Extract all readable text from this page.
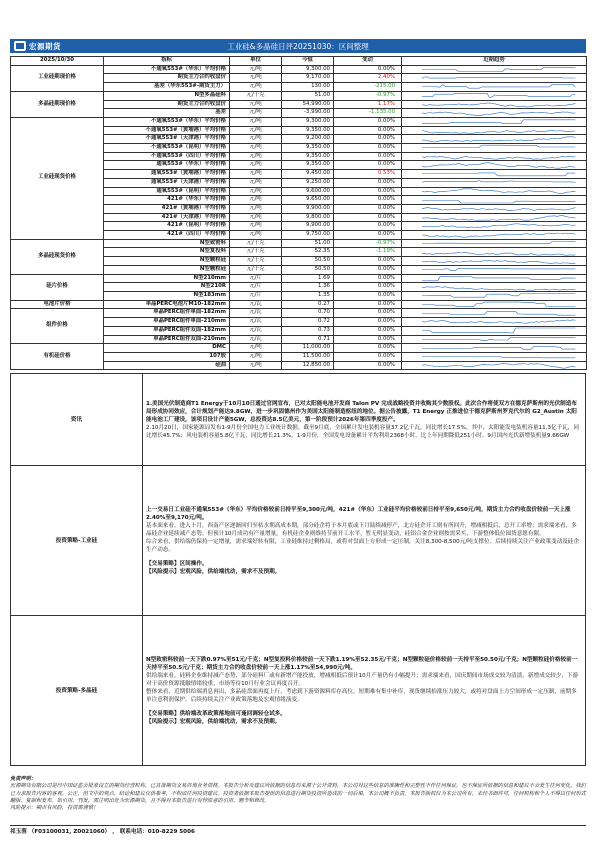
工业硅&多晶硅日评20251030：区间整理
宏源期货
2025/10/30	指标	单位	今值	变动	近期趋势
工业硅期现价格	不通氧553#（华东）平均价格	元/吨	9,300.00	0.00%	

	期货主力合约收盘价	元/吨	9,170.00	2.40%	

	基差（华东553#-期货主力）	元/吨	130.00	-215.00	

多晶硅期现价格	N型多晶硅料	元/千克	51.00	-0.97%	

	期货主力合约收盘价	元/吨	54,990.00	1.17%	

	基差	元/吨	-3,990.00	-1,135.00	

工业硅现货价格	不通氧553#（华东）平均价格	元/吨	9,300.00	0.00%	

	不通氧553#（黄埔港）平均价格	元/吨	9,350.00	0.00%	

	不通氧553#（天津港）平均价格	元/吨	9,200.00	0.00%	

	不通氧553#（昆明）平均价格	元/吨	9,350.00	0.00%	

	不通氧553#（四川）平均价格	元/吨	9,350.00	0.00%	

	通氧553#（华东）平均价格	元/吨	9,350.00	0.00%	

	通氧553#（黄埔港）平均价格	元/吨	9,450.00	0.53%	

	通氧553#（天津港）平均价格	元/吨	9,250.00	0.00%	

	通氧553#（昆明）平均价格	元/吨	9,600.00	0.00%	

	421#（华东）平均价格	元/吨	9,650.00	0.00%	

	421#（黄埔港）平均价格	元/吨	9,900.00	0.00%	

	421#（天津港）平均价格	元/吨	9,800.00	0.00%	

	421#（昆明）平均价格	元/吨	9,900.00	0.00%	

	421#（四川）平均价格	元/吨	9,750.00	0.00%	

多晶硅现货价格	N型致密料	元/千克	51.00	-0.97%	

	N型复投料	元/千克	52.35	-1.19%	

	N型颗粒硅	元/千克	50.50	0.00%	

	N型颗粒硅	元/千克	50.50	0.00%	

硅片价格	N型210mm	元/片	1.69	0.00%	

	N型210R	元/片	1.36	0.00%	

	N型183mm	元/片	1.35	0.00%	

电池片价格	单晶PERC电池片M10-182mm	元/瓦	0.27	0.00%	

组件价格	单晶PERC组件单面-182mm	元/瓦	0.70	0.00%	

	单晶PERC组件单面-210mm	元/瓦	0.72	0.00%	

	单晶PERC组件双面-182mm	元/瓦	0.73	0.00%	

	单晶PERC组件双面-210mm	元/瓦	0.71	0.00%	

有机硅价格	DMC	元/吨	11,000.00	0.00%	

	107胶	元/吨	11,500.00	0.00%	

	硅油	元/吨	12,850.00	0.00%	
资讯	1.美国光伏制造商T1 Energy于10月10日通过官网宣布，已对太阳能电池开发商 Talon PV 完成战略投资并收购其少数股权。此次合作将使双方在德克萨斯州的光伏制造布局形成协同效应，合计规划产能达9.8GW，进一步巩固德州作为美国太阳能制造枢纽的地位。据公告披露，T1 Energy 正推进位于德克萨斯州罗克代尔的 G2_Austin 太阳能电池工厂建设，该项目设计产能5GW，总投资达8.5亿美元，第一阶段预计2026年第四季度投产。

2.10月20日，国家能源局发布1-9月份全国电力工业统计数据。截至9月底，全国累计发电装机容量37.2亿千瓦，同比增长17.5%。其中，太阳能发电装机容量11.3亿千瓦，同比增长45.7%；风电装机容量5.8亿千瓦，同比增长21.3%。1-9月份，全国发电设备累计平均利用2368小时，比上年同期降低251小时。9月国内光伏新增装机量9.66GW

投资策略-工业硅	上一交易日工业硅不通氧553#（华东）平均价格较前日持平至9,300元/吨，421#（华东）工业硅平均价格较前日持平至9,650元/吨，期货主力合约收盘价较前一天上涨2.40%至9,170元/吨。

基本面来看，进入十月，西南产区逐渐回归至枯水期高成本期，部分硅企将于本月底或下月陆续减停产，北方硅企开工则有所回升，增减相抵后，总开工率增；需求端来看，多晶硅企业延续减产态势，但预计10月成功有产量增量，有机硅企业则维持节前开工水平，暂无明显变动，硅铝合金企业则按需采买，下游整体低位囤货意愿有限。

综合来看，供给端仍保持一定增量，需求端好转有限，工业硅维持过剩格局，或将对盘面上方形成一定压制，关注8,300-8,500元/吨支撑位。后续持续关注产业政策变动及硅企生产动态。

【交易策略】区间操作。

【风险提示】宏观风险，供给端扰动，需求不及预期。

投资策略-多晶硅	N型致密料较前一天下跌0.97%至51元/千克；N型复投料价格较前一天下跌1.19%至52.35元/千克；N型颗粒硅价格较前一天持平至50.50元/千克；N型颗粒硅价格较前一天持平至50.5元/千克；期货主力合约收盘价较前一天上涨1.17%至54,990元/吨。

供给端来看，硅料企业维持减产态势，部分硅料厂或有新增产能投放，增减相抵后预计10月产量仍有小幅提升；需求端来看，国庆期间市场成交较为清淡，新增成交较少，下游对于高价资源抵触情绪较重，市场等待10月行业会议再度召开。

整体来看，近期供给端消息再出，多晶硅盘面再度上行，考虑到下游资源料库存高位，短期难有集中补库，现货继续抬涨压力较大，或将对盘面上方空间形成一定压制，前期多单注意利润保护。后续持续关注产业政策落地及宏观情绪演变。

【交易策略】供给端改革政策落地前可逢回调轻仓试多。

【风险提示】宏观风险，供给端扰动，需求不及预期。

免责声明：
宏源期货有限公司是经中国证监会批准设立的期货经营机构，已具备期货交易咨询业务资格。本报告分析及建议所依据的信息均来源于公开资料，本公司对这些信息的准确性和完整性不作任何保证，也不保证所依据的信息和建议不会发生任何变化。我们已力求报告内容的客观、公正，但文中的观点、结论和建议仅供参考，不构成任何投资建议。投资者依据本报告提供的信息进行期货投资所造成的一切后果，本公司概不负责。本报告版权仅为本公司所有，未经书面许可，任何机构和个人不得以任何形式翻版、复制和发布。如引用、刊发，需注明出处为宏源期货，且不得对本报告进行有悖原意的引用、删节和修改。
风险提示：期市有风险，投资需谨慎！
祁玉蓉 （F03100031, Z0021060） ， 联系电话：010-8229 5006
